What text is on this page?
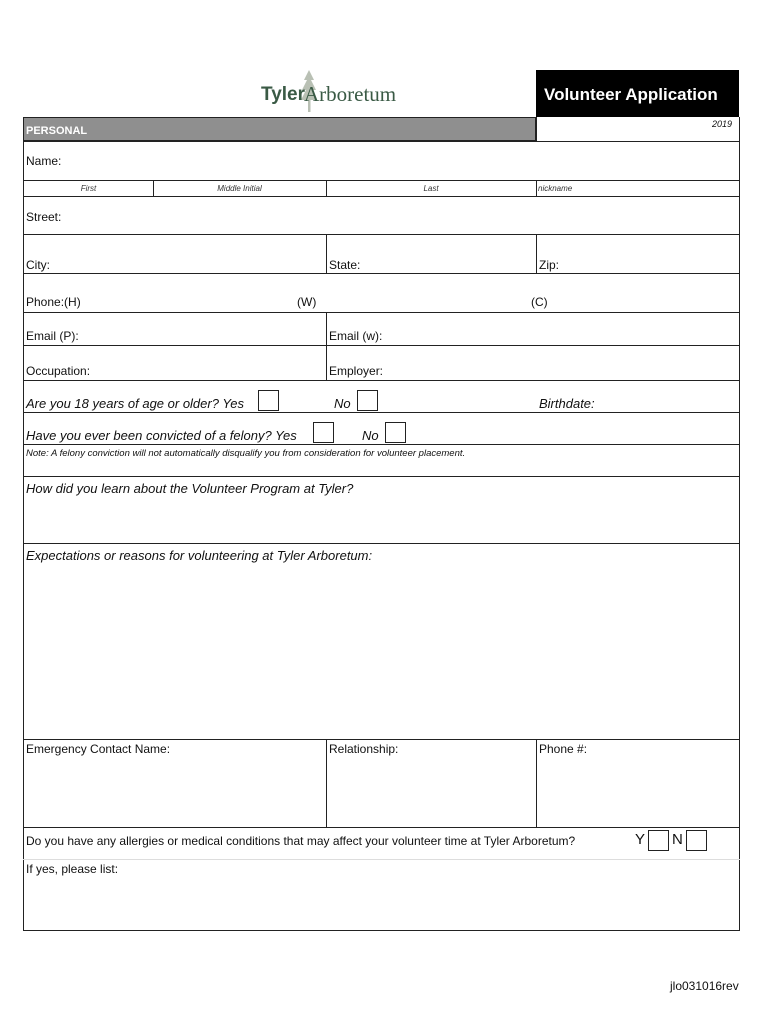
Tyler
Arboretum	Volunteer Application
PERSONAL
2019
Name:
First	Middle Initial	Last	nickname
Street:
City:	State:	Zip:
Phone:(H)	(W)	(C)
Email (P):	Email (w):
Occupation:	Employer:
Are you 18 years of age or older? Yes	No	Birthdate:
Have you ever been convicted of a felony? Yes	No
Note: A felony conviction will not automatically disqualify you from consideration for volunteer placement.
How did you learn about the Volunteer Program at Tyler?
Expectations or reasons for volunteering at Tyler Arboretum:
Emergency Contact Name:	Relationship:	Phone #:
Do you have any allergies or medical conditions that may affect your volunteer time at Tyler Arboretum?	Y N
If yes, please list:
jlo031016rev
